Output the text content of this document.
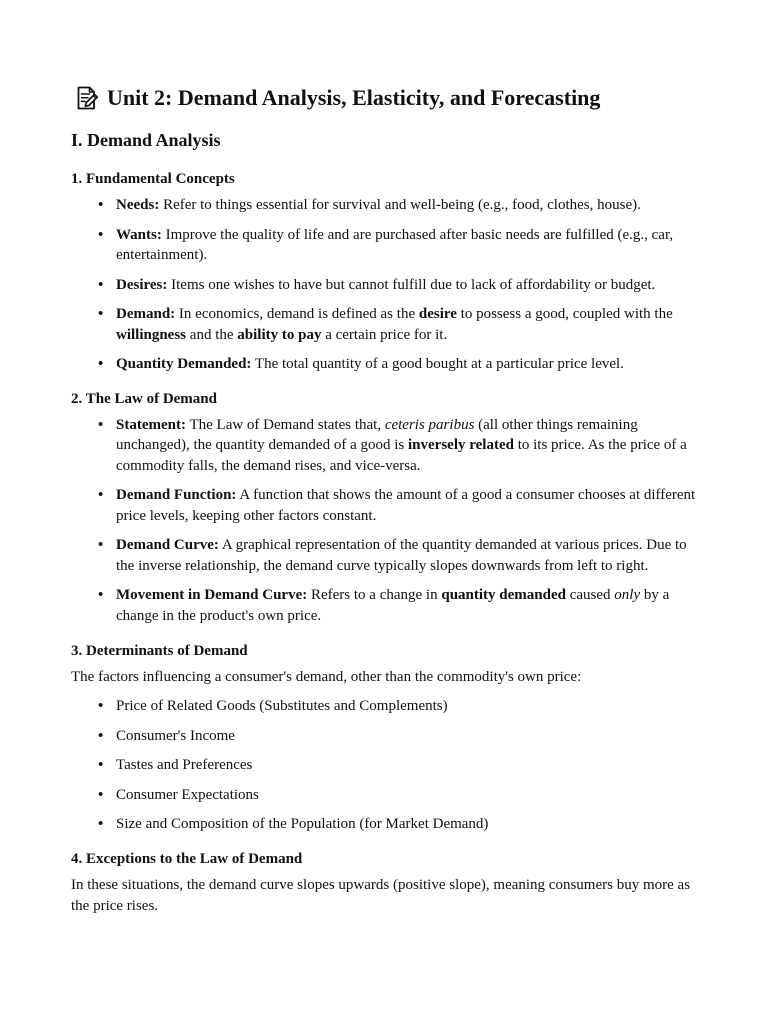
Unit 2: Demand Analysis, Elasticity, and Forecasting
I. Demand Analysis
1. Fundamental Concepts
• Needs: Refer to things essential for survival and well-being (e.g., food, clothes, house).
• Wants: Improve the quality of life and are purchased after basic needs are fulfilled (e.g., car, entertainment).
• Desires: Items one wishes to have but cannot fulfill due to lack of affordability or budget.
• Demand: In economics, demand is defined as the desire to possess a good, coupled with the willingness and the ability to pay a certain price for it.
• Quantity Demanded: The total quantity of a good bought at a particular price level.
2. The Law of Demand
• Statement: The Law of Demand states that, ceteris paribus (all other things remaining unchanged), the quantity demanded of a good is inversely related to its price. As the price of a commodity falls, the demand rises, and vice-versa.
• Demand Function: A function that shows the amount of a good a consumer chooses at different price levels, keeping other factors constant.
• Demand Curve: A graphical representation of the quantity demanded at various prices. Due to the inverse relationship, the demand curve typically slopes downwards from left to right.
• Movement in Demand Curve: Refers to a change in quantity demanded caused only by a change in the product's own price.
3. Determinants of Demand

The factors influencing a consumer's demand, other than the commodity's own price:

• Price of Related Goods (Substitutes and Complements)
• Consumer's Income
• Tastes and Preferences
• Consumer Expectations
• Size and Composition of the Population (for Market Demand)
4. Exceptions to the Law of Demand

In these situations, the demand curve slopes upwards (positive slope), meaning consumers buy more as the price rises.
